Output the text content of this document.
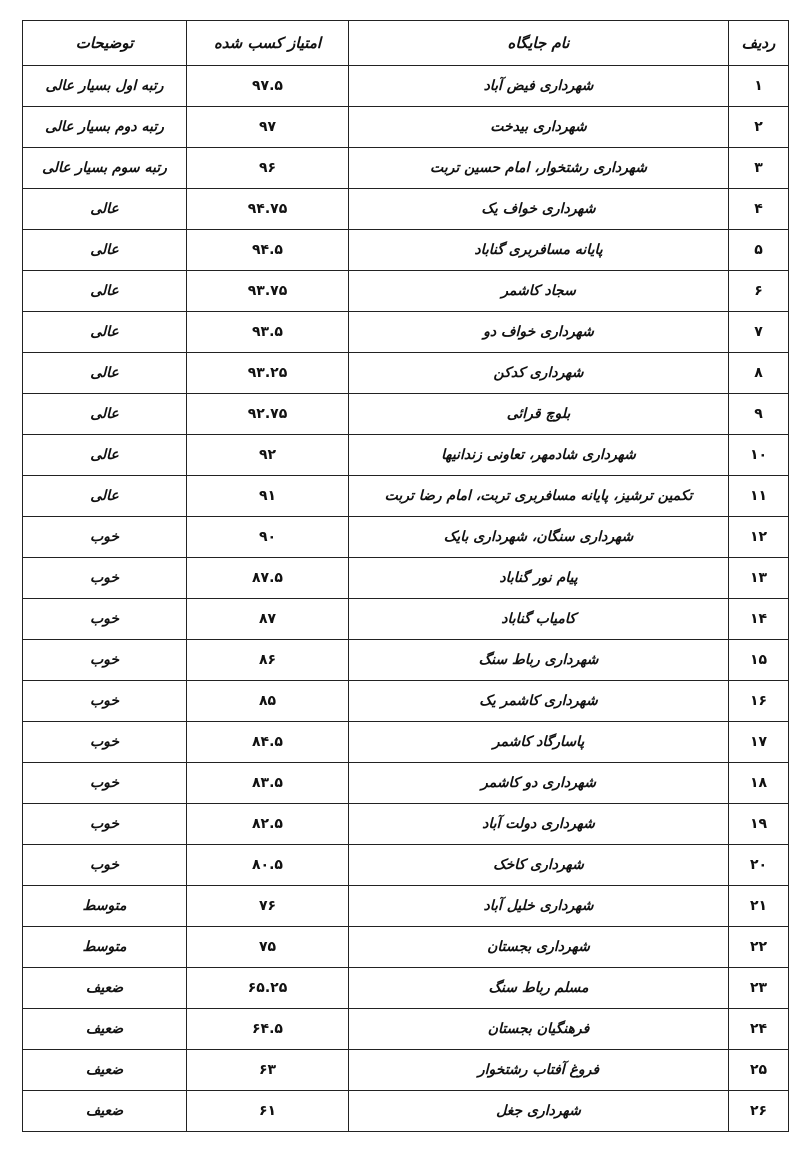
ردیف	نام جایگاه	امتیاز کسب شده	توضیحات
۱	شهرداری فیض آباد	۹۷.۵	رتبه اول بسیار عالی
۲	شهرداری بیدخت	۹۷	رتبه دوم بسیار عالی
۳	شهرداری رشتخوار، امام حسین تربت	۹۶	رتبه سوم بسیار عالی
۴	شهرداری خواف یک	۹۴.۷۵	عالی
۵	پایانه مسافربری گناباد	۹۴.۵	عالی
۶	سجاد کاشمر	۹۳.۷۵	عالی
۷	شهرداری خواف دو	۹۳.۵	عالی
۸	شهرداری کدکن	۹۳.۲۵	عالی
۹	بلوچ قرائی	۹۲.۷۵	عالی
۱۰	شهرداری شادمهر، تعاونی زندانیها	۹۲	عالی
۱۱	تکمین ترشیز، پایانه مسافربری تربت، امام رضا تربت	۹۱	عالی
۱۲	شهرداری سنگان، شهرداری بایک	۹۰	خوب
۱۳	پیام نور گناباد	۸۷.۵	خوب
۱۴	کامیاب گناباد	۸۷	خوب
۱۵	شهرداری رباط سنگ	۸۶	خوب
۱۶	شهرداری کاشمر یک	۸۵	خوب
۱۷	پاسارگاد کاشمر	۸۴.۵	خوب
۱۸	شهرداری دو کاشمر	۸۳.۵	خوب
۱۹	شهرداری دولت آباد	۸۲.۵	خوب
۲۰	شهرداری کاخک	۸۰.۵	خوب
۲۱	شهرداری خلیل آباد	۷۶	متوسط
۲۲	شهرداری بجستان	۷۵	متوسط
۲۳	مسلم رباط سنگ	۶۵.۲۵	ضعیف
۲۴	فرهنگیان بجستان	۶۴.۵	ضعیف
۲۵	فروغ آفتاب رشتخوار	۶۳	ضعیف
۲۶	شهرداری جغل	۶۱	ضعیف
